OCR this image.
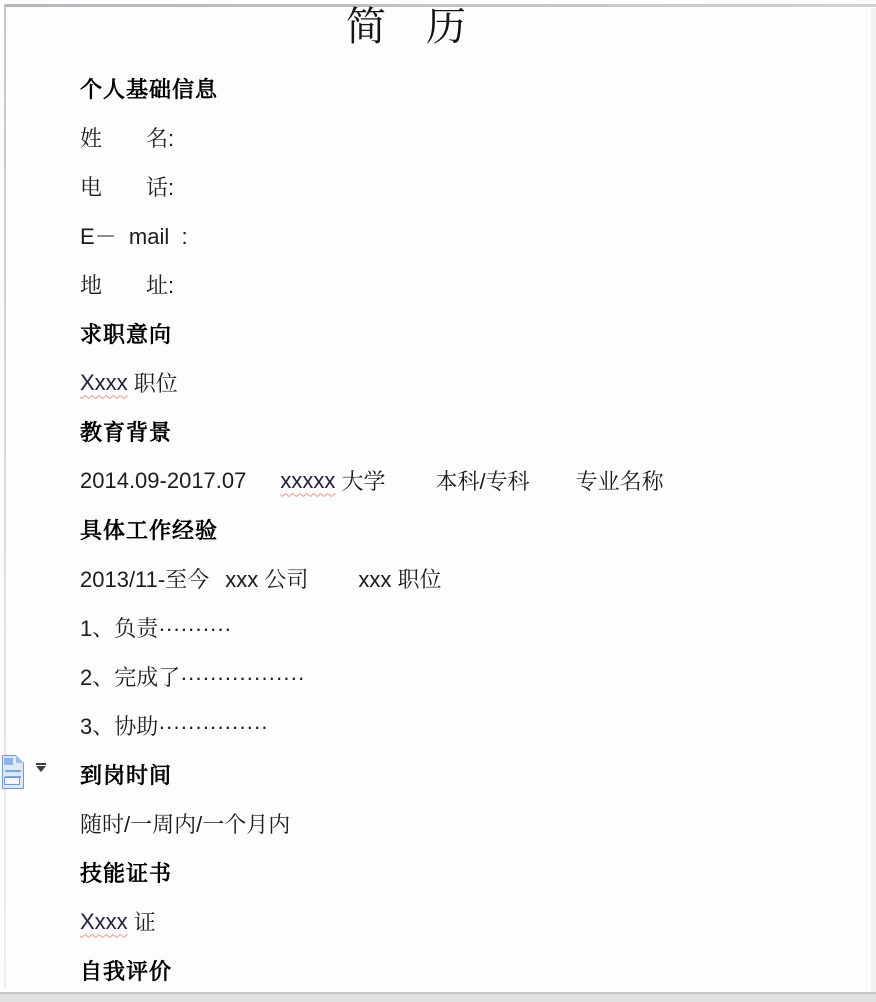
简　历
个人基础信息
姓　　名:
电　　话:
E－  mail  :
地　　址:
求职意向
Xxxx 职位
教育背景
2014.09-2017.07 xxxxx 大学 本科/专科 专业名称
具体工作经验
2013/11-至今 xxx 公司 xxx 职位
1、负责··········
2、完成了·················
3、协助···············
到岗时间
随时/一周内/一个月内
技能证书
Xxxx 证
自我评价
